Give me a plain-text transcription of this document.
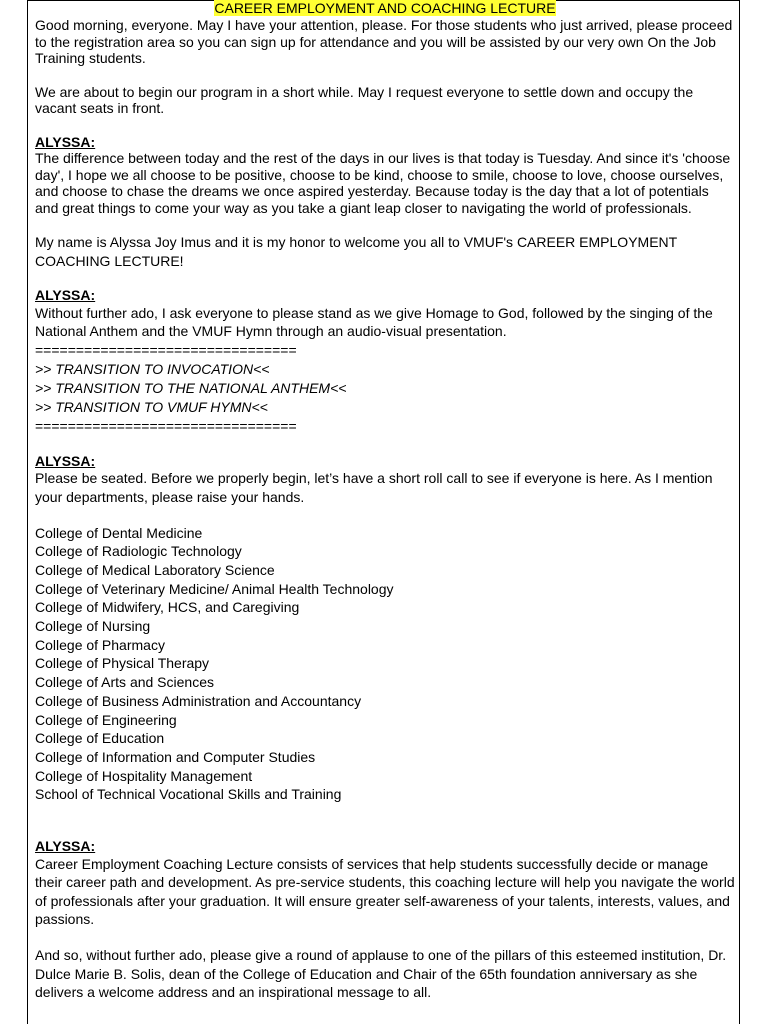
CAREER EMPLOYMENT AND COACHING LECTURE

Good morning, everyone. May I have your attention, please. For those students who just arrived, please proceed to the registration area so you can sign up for attendance and you will be assisted by our very own On the Job Training students.

We are about to begin our program in a short while. May I request everyone to settle down and occupy the vacant seats in front.

ALYSSA:

The difference between today and the rest of the days in our lives is that today is Tuesday. And since it's 'choose day', I hope we all choose to be positive, choose to be kind, choose to smile, choose to love, choose ourselves, and choose to chase the dreams we once aspired yesterday. Because today is the day that a lot of potentials and great things to come your way as you take a giant leap closer to navigating the world of professionals.

My name is Alyssa Joy Imus and it is my honor to welcome you all to VMUF's CAREER EMPLOYMENT COACHING LECTURE!

ALYSSA:

Without further ado, I ask everyone to please stand as we give Homage to God, followed by the singing of the National Anthem and the VMUF Hymn through an audio-visual presentation.

================================

>> TRANSITION TO INVOCATION<<

>> TRANSITION TO THE NATIONAL ANTHEM<<

>> TRANSITION TO VMUF HYMN<<

================================

ALYSSA:

Please be seated. Before we properly begin, let’s have a short roll call to see if everyone is here. As I mention your departments, please raise your hands.

College of Dental Medicine

College of Radiologic Technology

College of Medical Laboratory Science

College of Veterinary Medicine/ Animal Health Technology

College of Midwifery, HCS, and Caregiving

College of Nursing

College of Pharmacy

College of Physical Therapy

College of Arts and Sciences

College of Business Administration and Accountancy

College of Engineering

College of Education

College of Information and Computer Studies

College of Hospitality Management

School of Technical Vocational Skills and Training

ALYSSA:

Career Employment Coaching Lecture consists of services that help students successfully decide or manage their career path and development. As pre-service students, this coaching lecture will help you navigate the world of professionals after your graduation. It will ensure greater self-awareness of your talents, interests, values, and passions.

And so, without further ado, please give a round of applause to one of the pillars of this esteemed institution, Dr. Dulce Marie B. Solis, dean of the College of Education and Chair of the 65th foundation anniversary as she delivers a welcome address and an inspirational message to all.
